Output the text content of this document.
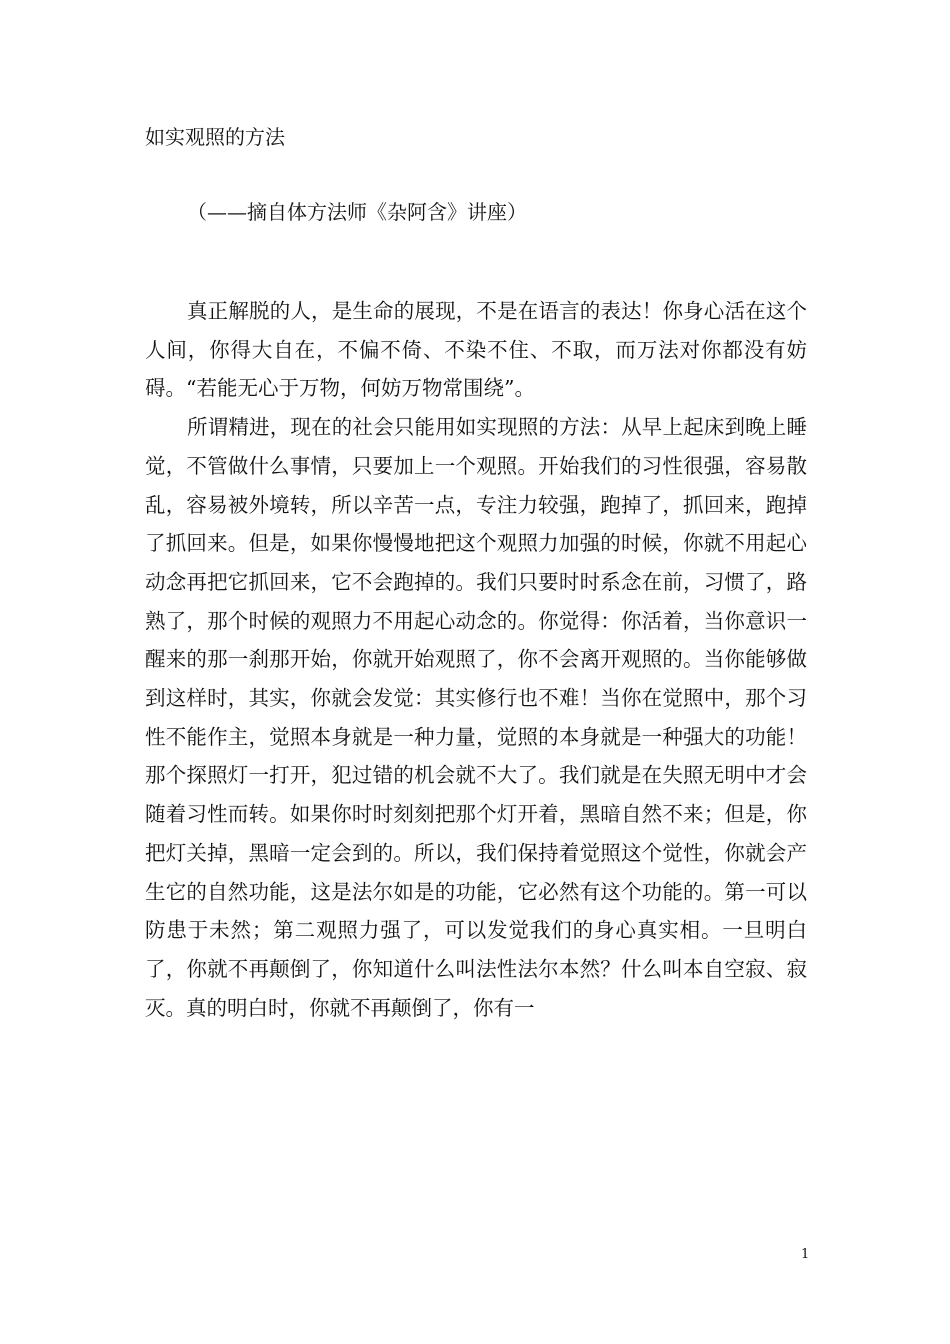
如实观照的方法
（——摘自体方法师《杂阿含》讲座）

真正解脱的人，是生命的展现，不是在语言的表达！你身心活在这个人间，你得大自在，不偏不倚、不染不住、不取，而万法对你都没有妨碍。“若能无心于万物，何妨万物常围绕”。

所谓精进，现在的社会只能用如实现照的方法：从早上起床到晚上睡觉，不管做什么事情，只要加上一个观照。开始我们的习性很强，容易散乱，容易被外境转，所以辛苦一点，专注力较强，跑掉了，抓回来，跑掉了抓回来。但是，如果你慢慢地把这个观照力加强的时候，你就不用起心动念再把它抓回来，它不会跑掉的。我们只要时时系念在前，习惯了，路熟了，那个时候的观照力不用起心动念的。你觉得：你活着，当你意识一醒来的那一刹那开始，你就开始观照了，你不会离开观照的。当你能够做到这样时，其实，你就会发觉：其实修行也不难！当你在觉照中，那个习性不能作主，觉照本身就是一种力量，觉照的本身就是一种强大的功能！那个探照灯一打开，犯过错的机会就不大了。我们就是在失照无明中才会随着习性而转。如果你时时刻刻把那个灯开着，黑暗自然不来；但是，你把灯关掉，黑暗一定会到的。所以，我们保持着觉照这个觉性，你就会产生它的自然功能，这是法尔如是的功能，它必然有这个功能的。第一可以防患于未然；第二观照力强了，可以发觉我们的身心真实相。一旦明白了，你就不再颠倒了，你知道什么叫法性法尔本然？什么叫本自空寂、寂灭。真的明白时，你就不再颠倒了，你有一

1
